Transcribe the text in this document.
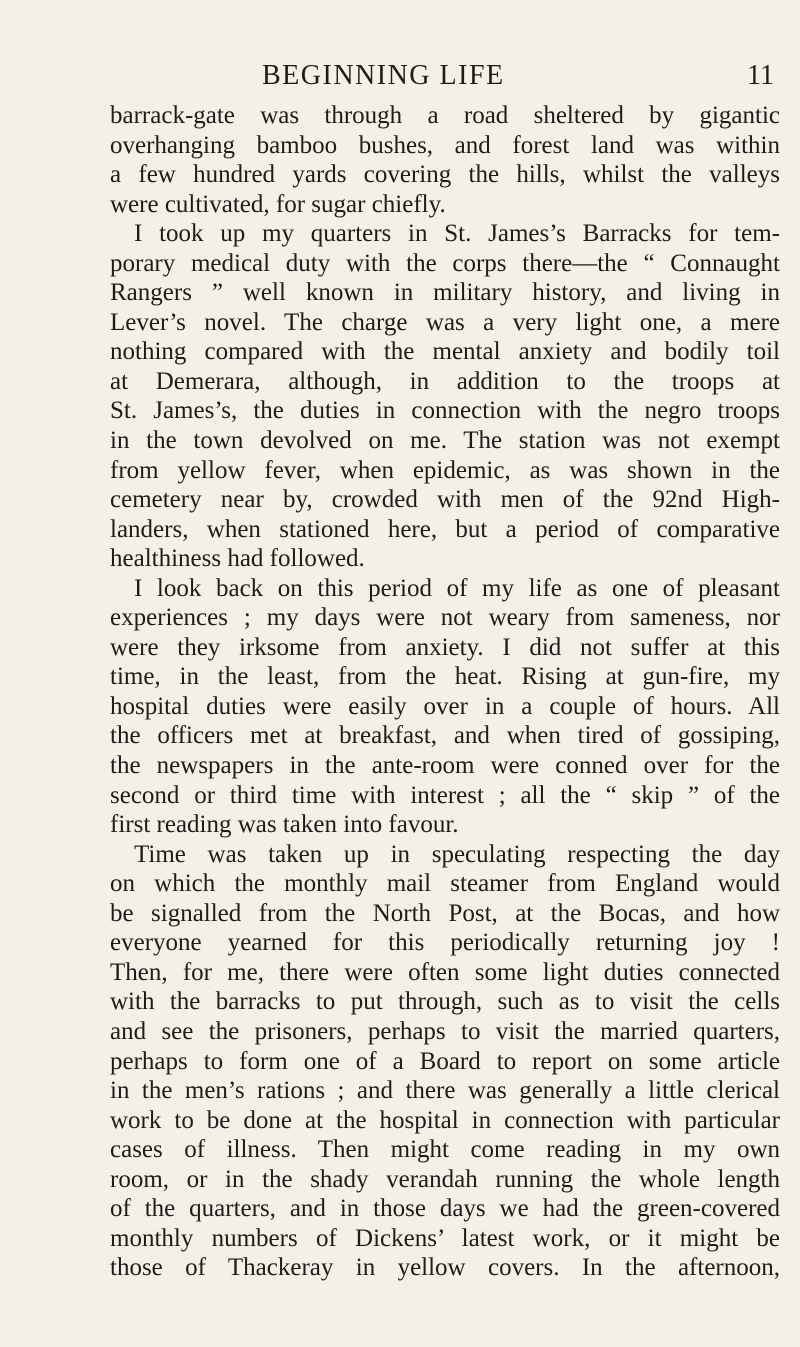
BEGINNING LIFE	11
barrack-gate was through a road sheltered by gigantic
overhanging bamboo bushes, and forest land was within
a few hundred yards covering the hills, whilst the valleys
were cultivated, for sugar chiefly.
I took up my quarters in St. James’s Barracks for tem-
porary medical duty with the corps there—the “ Connaught
Rangers ” well known in military history, and living in
Lever’s novel. The charge was a very light one, a mere
nothing compared with the mental anxiety and bodily toil
at Demerara, although, in addition to the troops at
St. James’s, the duties in connection with the negro troops
in the town devolved on me. The station was not exempt
from yellow fever, when epidemic, as was shown in the
cemetery near by, crowded with men of the 92nd High-
landers, when stationed here, but a period of comparative
healthiness had followed.
I look back on this period of my life as one of pleasant
experiences ; my days were not weary from sameness, nor
were they irksome from anxiety. I did not suffer at this
time, in the least, from the heat. Rising at gun-fire, my
hospital duties were easily over in a couple of hours. All
the officers met at breakfast, and when tired of gossiping,
the newspapers in the ante-room were conned over for the
second or third time with interest ; all the “ skip ” of the
first reading was taken into favour.
Time was taken up in speculating respecting the day
on which the monthly mail steamer from England would
be signalled from the North Post, at the Bocas, and how
everyone yearned for this periodically returning joy !
Then, for me, there were often some light duties connected
with the barracks to put through, such as to visit the cells
and see the prisoners, perhaps to visit the married quarters,
perhaps to form one of a Board to report on some article
in the men’s rations ; and there was generally a little clerical
work to be done at the hospital in connection with particular
cases of illness. Then might come reading in my own
room, or in the shady verandah running the whole length
of the quarters, and in those days we had the green-covered
monthly numbers of Dickens’ latest work, or it might be
those of Thackeray in yellow covers. In the afternoon,
